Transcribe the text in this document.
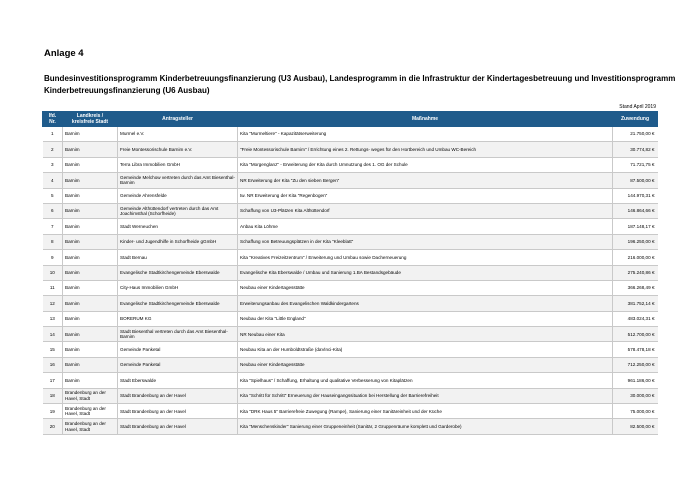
Anlage 4
Bundesinvestitionsprogramm Kinderbetreuungsfinanzierung (U3 Ausbau), Landesprogramm in die Infrastruktur der Kindertagesbetreuung und Investitionsprogramm Kinderbetreuungsfinanzierung (U6 Ausbau)
Stand April 2019
lfd. Nr.	Landkreis / kreisfreie Stadt	Antragsteller	Maßnahme	Zuwendung
1	Barnim	Murmel e.V.	Kita "Murmeltiere" - Kapazitätserweiterung	21.750,00 €
2	Barnim	Freie Montessorischule Barnim e.V.	"Freie Montessorischule Barnim" / Errichtung eines 2. Rettungs- weges für den Hortbereich und Umbau WC-Bereich	30.774,82 €
3	Barnim	Terra Libra Immobilien GmbH	Kita "Morgenglanz" - Erweiterung der Kita durch Umnutzung des 1. OG der Schule	71.721,75 €
4	Barnim	Gemeinde Melchow vertreten durch das Amt Biesenthal-Barnim	NR Erweiterung der Kita "Zu den sieben Bergen"	87.500,00 €
5	Barnim	Gemeinde Ahrensfelde	tw. NR Erweiterung der Kita "Regenbogen"	144.970,31 €
6	Barnim	Gemeinde Althüttendorf vertreten durch das Amt Joachimsthal (Schorfheide)	Schaffung von U3-Plätzen Kita Althüttendorf	146.864,66 €
7	Barnim	Stadt Werneuchen	Anbau Kita Löhme	187.148,17 €
8	Barnim	Kinder- und Jugendhilfe in Schorfheide gGmbH	Schaffung von Betreuungsplätzen in der Kita "Kleeblatt"	196.250,00 €
9	Barnim	Stadt Bernau	Kita "Kreatives Freizeitzentrum" / Erweiterung und Umbau sowie Dacherneuerung	216.000,00 €
10	Barnim	Evangelische Stadtkirchengemeinde Eberswalde	Evangelische Kita Eberswalde / Umbau und Sanierung 1.BA Bestandsgebäude	275.240,86 €
11	Barnim	City-Haus Immobilien GmbH	Neubau einer Kindertagesstätte	366.268,49 €
12	Barnim	Evangelische Stadtkirchengemeinde Eberswalde	Erweiterungsanbau des Evangelischen Waldkindergartens	381.752,14 €
13	Barnim	BORERUM KG	Neubau der Kita "Little England"	483.024,31 €
14	Barnim	Stadt Biesenthal vertreten durch das Amt Biesenthal-Barnim	NR Neubau einer Kita	512.700,00 €
15	Barnim	Gemeinde Panketal	Neubau Kita an der Humboldtstraße (daVinci-Kita)	578.478,18 €
16	Barnim	Gemeinde Panketal	Neubau einer Kindertagesstätte	712.250,00 €
17	Barnim	Stadt Eberswalde	Kita "Spielhaus" / Schaffung, Erhaltung und qualitative Verbesserung von Kitaplätzen	961.186,00 €
18	Brandenburg an der Havel, Stadt	Stadt Brandenburg an der Havel	Kita "Schritt für Schritt" Erneuerung der Hauseingangssituation bei Herstellung der Barrierefreiheit	30.000,00 €
19	Brandenburg an der Havel, Stadt	Stadt Brandenburg an der Havel	Kita "DRK Haus 5" Barrierefreie Zuwegung (Rampe), Sanierung einer Sanitäreinheit und der Küche	75.000,00 €
20	Brandenburg an der Havel, Stadt	Stadt Brandenburg an der Havel	Kita "Menschenskinder" Sanierung einer Gruppeneinheit (Sanitär, 2 Gruppenräume komplett und Garderobe)	82.500,00 €
